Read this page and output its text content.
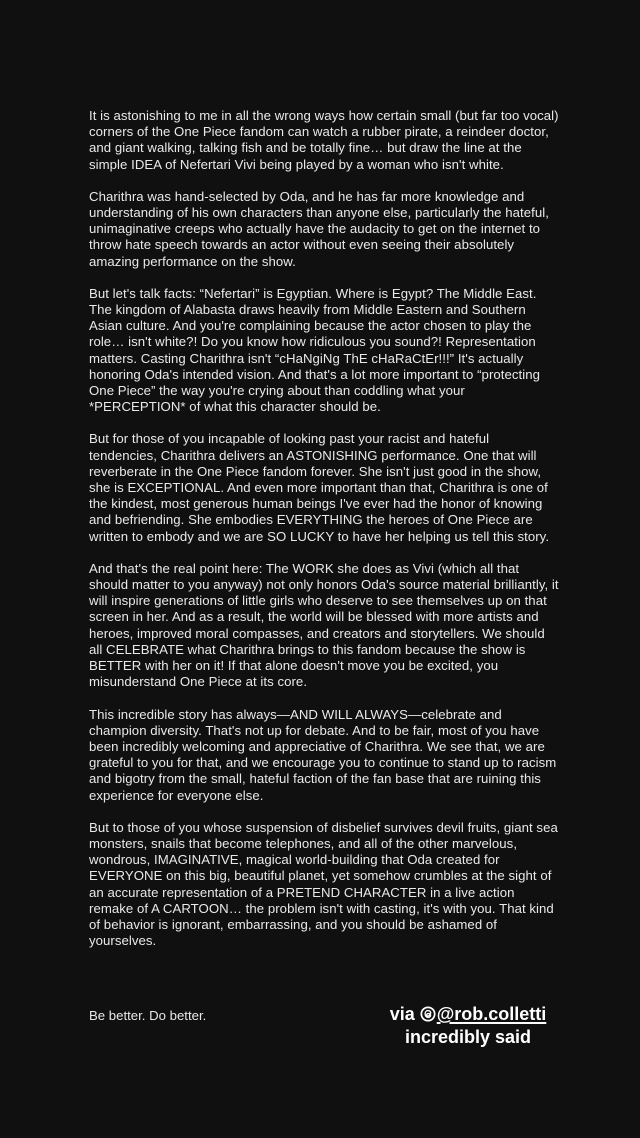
It is astonishing to me in all the wrong ways how certain small (but far too vocal) corners of the One Piece fandom can watch a rubber pirate, a reindeer doctor, and giant walking, talking fish and be totally fine… but draw the line at the simple IDEA of Nefertari Vivi being played by a woman who isn't white.

Charithra was hand-selected by Oda, and he has far more knowledge and understanding of his own characters than anyone else, particularly the hateful, unimaginative creeps who actually have the audacity to get on the internet to throw hate speech towards an actor without even seeing their absolutely amazing performance on the show.

But let's talk facts: “Nefertari” is Egyptian. Where is Egypt? The Middle East. The kingdom of Alabasta draws heavily from Middle Eastern and Southern Asian culture. And you're complaining because the actor chosen to play the role… isn't white?! Do you know how ridiculous you sound?! Representation matters. Casting Charithra isn't “cHaNgiNg ThE cHaRaCtEr!!!” It's actually honoring Oda's intended vision. And that's a lot more important to “protecting One Piece” the way you're crying about than coddling what your *PERCEPTION* of what this character should be.

But for those of you incapable of looking past your racist and hateful tendencies, Charithra delivers an ASTONISHING performance. One that will reverberate in the One Piece fandom forever. She isn't just good in the show, she is EXCEPTIONAL. And even more important than that, Charithra is one of the kindest, most generous human beings I've ever had the honor of knowing and befriending. She embodies EVERYTHING the heroes of One Piece are written to embody and we are SO LUCKY to have her helping us tell this story.

And that's the real point here: The WORK she does as Vivi (which all that should matter to you anyway) not only honors Oda's source material brilliantly, it will inspire generations of little girls who deserve to see themselves up on that screen in her. And as a result, the world will be blessed with more artists and heroes, improved moral compasses, and creators and storytellers. We should all CELEBRATE what Charithra brings to this fandom because the show is BETTER with her on it! If that alone doesn't move you be excited, you misunderstand One Piece at its core.

This incredible story has always—AND WILL ALWAYS—celebrate and champion diversity. That's not up for debate. And to be fair, most of you have been incredibly welcoming and appreciative of Charithra. We see that, we are grateful to you for that, and we encourage you to continue to stand up to racism and bigotry from the small, hateful faction of the fan base that are ruining this experience for everyone else.

But to those of you whose suspension of disbelief survives devil fruits, giant sea monsters, snails that become telephones, and all of the other marvelous, wondrous, IMAGINATIVE, magical world-building that Oda created for EVERYONE on this big, beautiful planet, yet somehow crumbles at the sight of an accurate representation of a PRETEND CHARACTER in a live action remake of A CARTOON… the problem isn't with casting, it's with you. That kind of behavior is ignorant, embarrassing, and you should be ashamed of yourselves.

Be better. Do better.	via @rob.colletti
incredibly said
